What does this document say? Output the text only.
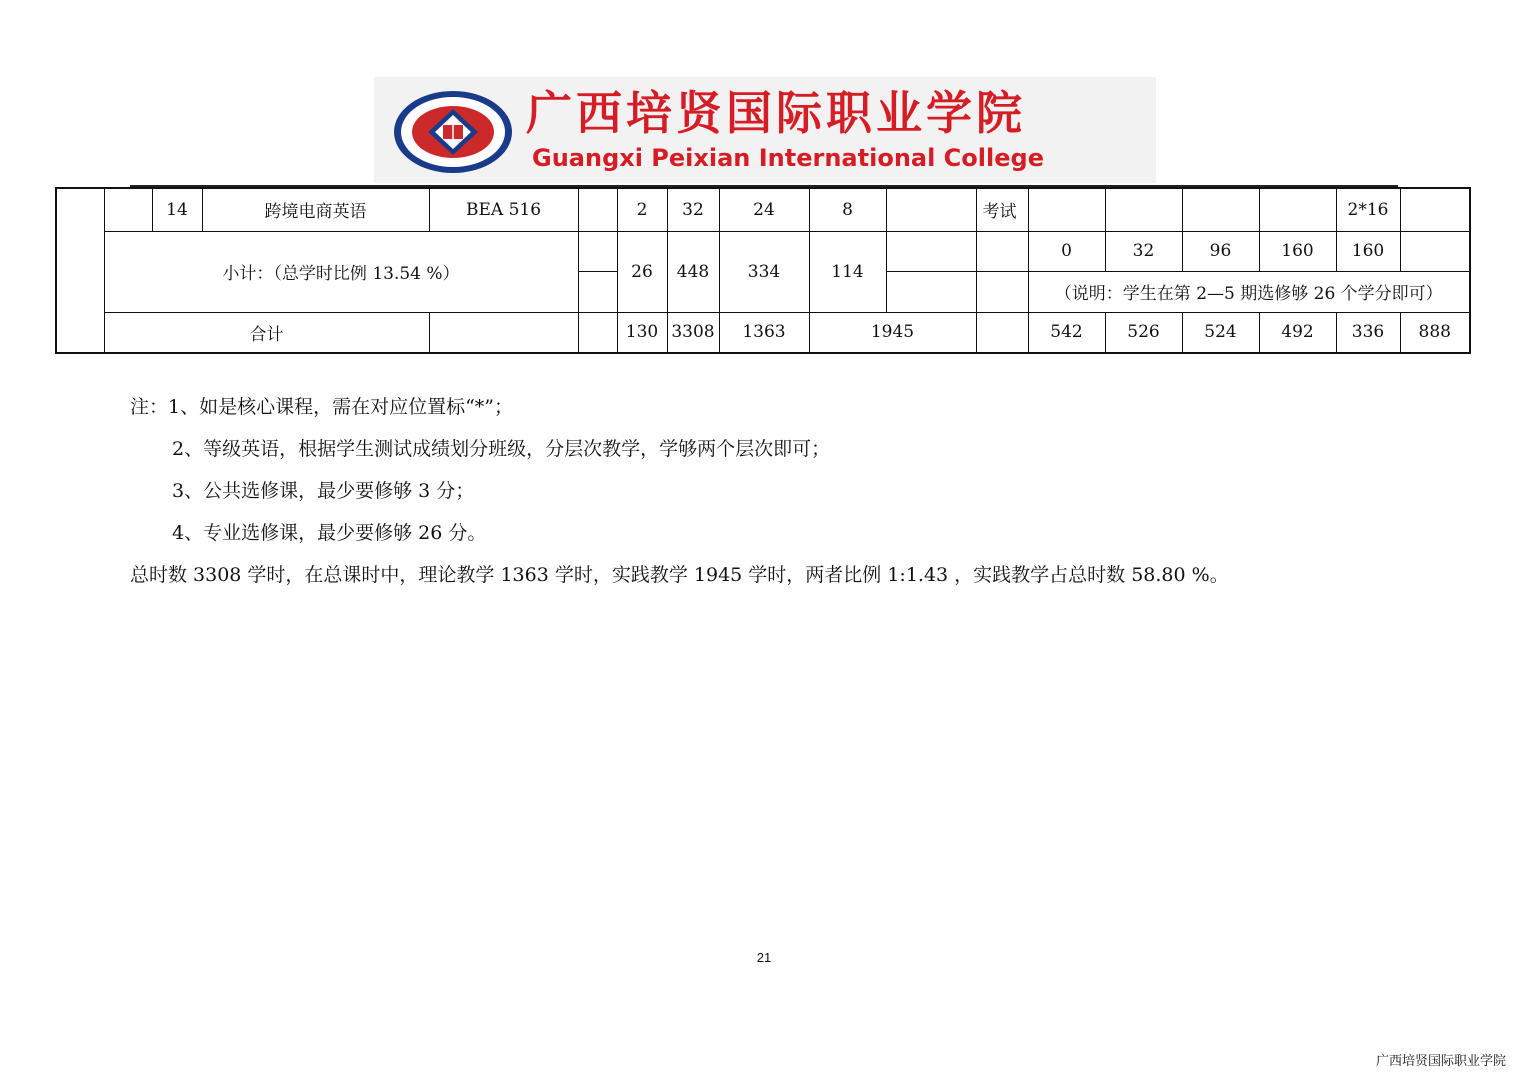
广西培贤国际职业学院
Guangxi Peixian International College
		14	跨境电商英语	BEA 516		2	32	24	8		考试					2*16	
	小计：（总学时比例 13.54 %）					26	448	334	114			0	32	96	160	160	
												（说明：学生在第 2—5 期选修够 26 个学分即可）					
	合计					130	3308	1363	1945			542	526	524	492	336	888

注：1、如是核心课程，需在对应位置标“*”；

2、等级英语，根据学生测试成绩划分班级，分层次教学，学够两个层次即可；

3、公共选修课，最少要修够 3 分；

4、专业选修课，最少要修够 26 分。

总时数 3308 学时，在总课时中，理论教学 1363 学时，实践教学 1945 学时，两者比例 1:1.43 ，实践教学占总时数 58.80 %。

21
广西培贤国际职业学院
